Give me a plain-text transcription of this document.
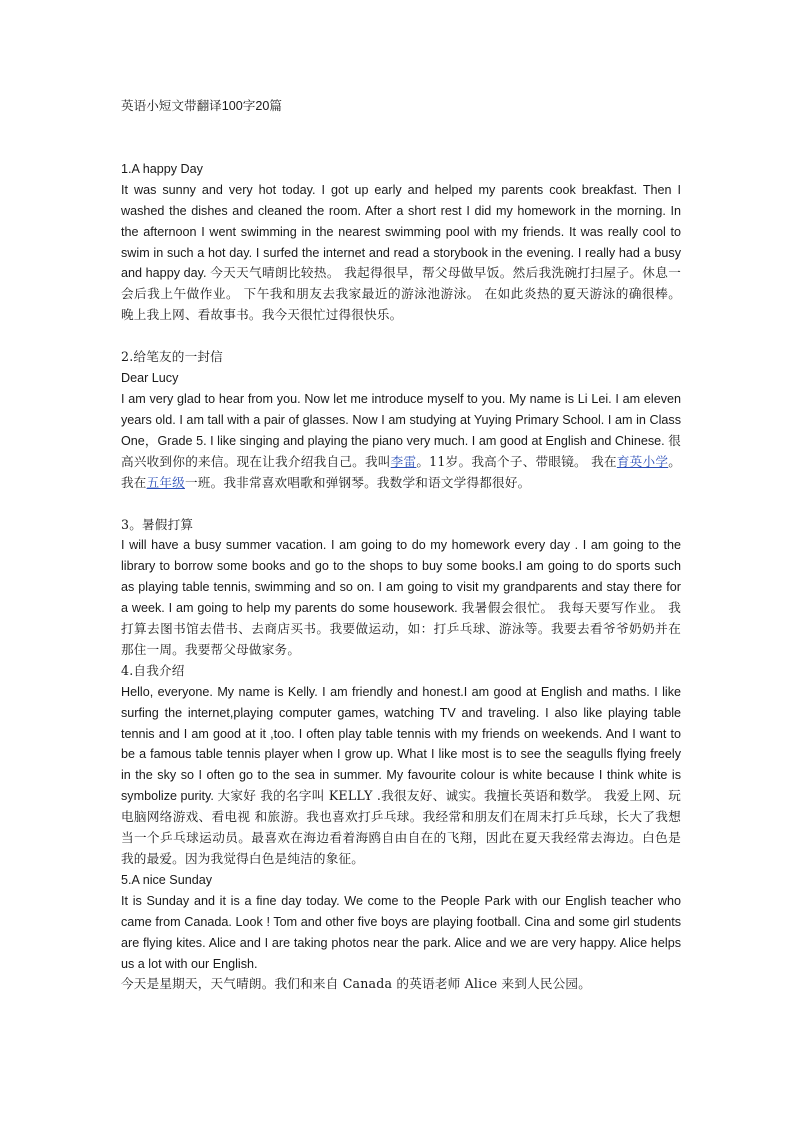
英语小短文带翻译100字20篇
1.A happy Day

It was sunny and very hot today. I got up early and helped my parents cook breakfast. Then I washed the dishes and cleaned the room. After a short rest I did my homework in the morning. In the afternoon I went swimming in the nearest swimming pool with my friends. It was really cool to swim in such a hot day. I surfed the internet and read a storybook in the evening. I really had a busy and happy day. 今天天气晴朗比较热。 我起得很早，帮父母做早饭。然后我洗碗打扫屋子。休息一会后我上午做作业。 下午我和朋友去我家最近的游泳池游泳。 在如此炎热的夏天游泳的确很棒。 晚上我上网、看故事书。我今天很忙过得很快乐。

2.给笔友的一封信
Dear Lucy

I am very glad to hear from you. Now let me introduce myself to you. My name is Li Lei. I am eleven years old. I am tall with a pair of glasses. Now I am studying at Yuying Primary School. I am in Class One，Grade 5. I like singing and playing the piano very much. I am good at English and Chinese. 很高兴收到你的来信。现在让我介绍我自己。我叫李雷。11岁。我高个子、带眼镜。 我在育英小学。我在五年级一班。我非常喜欢唱歌和弹钢琴。我数学和语文学得都很好。

3。暑假打算

I will have a busy summer vacation. I am going to do my homework every day . I am going to the library to borrow some books and go to the shops to buy some books.I am going to do sports such as playing table tennis, swimming and so on. I am going to visit my grandparents and stay there for a week. I am going to help my parents do some housework. 我暑假会很忙。 我每天要写作业。 我打算去图书馆去借书、去商店买书。我要做运动，如：打乒乓球、游泳等。我要去看爷爷奶奶并在那住一周。我要帮父母做家务。

4.自我介绍

Hello, everyone. My name is Kelly. I am friendly and honest.I am good at English and maths. I like surfing the internet,playing computer games, watching TV and traveling. I also like playing table tennis and I am good at it ,too. I often play table tennis with my friends on weekends. And I want to be a famous table tennis player when I grow up. What I like most is to see the seagulls flying freely in the sky so I often go to the sea in summer. My favourite colour is white because I think white is symbolize purity. 大家好 我的名字叫 KELLY .我很友好、诚实。我擅长英语和数学。 我爱上网、玩电脑网络游戏、看电视 和旅游。我也喜欢打乒乓球。我经常和朋友们在周末打乒乓球，长大了我想当一个乒乓球运动员。最喜欢在海边看着海鸥自由自在的飞翔，因此在夏天我经常去海边。白色是我的最爱。因为我觉得白色是纯洁的象征。

5.A nice Sunday

It is Sunday and it is a fine day today. We come to the People Park with our English teacher who came from Canada. Look ! Tom and other five boys are playing football. Cina and some girl students are flying kites. Alice and I are taking photos near the park. Alice and we are very happy. Alice helps us a lot with our English.

今天是星期天，天气晴朗。我们和来自 Canada 的英语老师 Alice 来到人民公园。
